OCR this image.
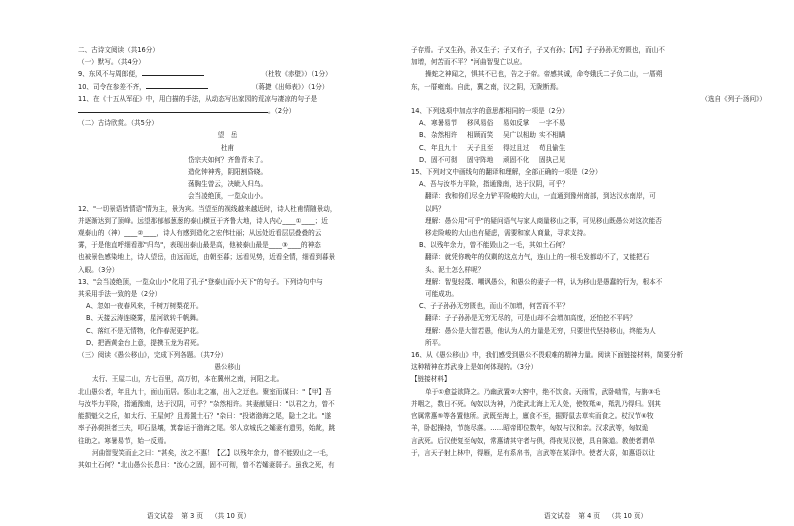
二、古诗文阅读（共16分）
（一）默写。（共4分）
9、东风不与周郎便，	（杜牧《赤壁》）（1分）
10、司令在参差不齐，	（蒋捷《出师表》）（1分）
11、在《十五从军征》中，用白描的手法，从动态写出家园的荒凉与凄凉的句子是
。（2分）
（二）古诗欣赏。（共5分）
望　岳
杜甫
岱宗夫如何？齐鲁青未了。
造化钟神秀，阴阳割昏晓。
荡胸生曾云，决眦入归鸟。
会当凌绝顶，一览众山小。
12、"一切景语皆情语"情为主，景为宾。当望至的视线越来越近时，诗人杜甫情随景动，
并逐渐达到了顶峰。远望那郁郁葱葱的泰山横亘于齐鲁大地，诗人内心____①____；近
观泰山的（神）____②____，诗人有感到造化之宏伟壮丽；从远处近看层层叠叠的云
雾，于是他直呼细看那"归鸟"，表现出泰山最是高，他被泰山最是____③____的神态
也被景色感染地上，诗人望岳，由远而近，由朝至暮；远看见势，近看全情，细看到暮景
入眼。（3分）
13、"会当凌绝顶，一览众山小"化用了孔子"登泰山而小天下"的句子。下列诗句中与
其采用手法一致的是（2分）
A、忽如一夜春风来，千树万树梨花开。
B、天接云涛连晓雾，星河欲转千帆舞。
C、落红不是无情物，化作春泥更护花。
D、把酒黄金台上意，提携玉龙为君死。
（三）阅读《愚公移山》，完成下列各题。（共7分）
愚公移山
太行、王屋二山，方七百里，高万仞，本在冀州之南，河阳之北。
北山愚公者，年且九十，面山而居。惩山北之塞，出入之迂也。聚室而谋曰："【甲】吾
与汝毕力平险，指通豫南，达于汉阴，可乎？"杂然相许。其妻献疑曰："以君之力，曾不
能损魁父之丘，如太行、王屋何？且焉置土石？"杂曰："投诸渤海之尾，隐土之北。"遂
率子孙荷担者三夫，叩石垦壤，箕畚运于渤海之尾。邻人京城氏之孀妻有遗男，始龀，跳
往助之。寒暑易节，始一反焉。
河曲智叟笑而止之曰："甚矣，汝之不惠！【乙】以残年余力，曾不能毁山之一毛，
其如土石何？"北山愚公长息曰："汝心之固，固不可彻，曾不若孀妻弱子。虽我之死，有
语文试卷 第 3 页 （共 10 页）
子存焉。子又生孙，孙又生子；子又有子，子又有孙；【丙】子子孙孙无穷匮也，而山不
加增，何苦而不平？"河曲智叟亡以应。
操蛇之神闻之，惧其不已也，告之于帝。帝感其诚，命夸娥氏二子负二山，一厝朔
东，一厝雍南。自此，冀之南，汉之阴，无陇断焉。
（选自《列子·汤问》）
14、下列选项中加点字的意思都相同的一项是（2分）
A、 寒暑易节	移风易俗	易如反掌	一字不易
B、 杂然相许	相顾而笑	吴广以相助 实不相瞒
C、 年且九十	天子且至	得过且过	苟且偷生
D、 固不可彻	固守阵地	顽固不化	固执己见
15、下列对文中画线句的翻译和理解，全部正确的一项是（2分）
A、吾与汝毕力平险，指通豫南，达于汉阴，可乎？
翻译：我和你们尽全力铲平险峻的大山，一直通到豫州南部，到达汉水南岸，可
以吗？
理解：愚公用"可乎"的疑问语气与家人商量移山之事，可见移山既愚公对这次能否
移走险峻的大山也有疑虑，需要和家人商量，寻求支持。
B、以残年余力，曾不能毁山之一毛，其如土石何？
翻译：就凭你晚年的仅剩的这点力气，连山上的一根毛发都动不了，又能把石
头、泥土怎么样呢？
理解：智叟轻蔑、嘲讽愚公，和愚公的妻子一样，认为移山是愚蠢的行为，根本不
可能成功。
C、子子孙孙无穷匮也，而山不加增，何苦而不平？
翻译：子子孙孙是无穷无尽的，可是山却不会增加高度，还怕挖不平吗？
理解：愚公是大智若愚，他认为人的力量是无穷，只要世代坚持移山，终能为人
所平。
16、从《愚公移山》中，我们感受到愚公不畏艰难的精神力量。阅读下面链接材料，简要分析
这种精神在苏武身上是如何体现的。（3分）
【链接材料】
单于①愈益欲降之。乃幽武置②大窖中，绝不饮食。天雨雪，武卧啮雪，与旃③毛
并咽之，数日不死。匈奴以为神，乃徙武北海上无人处，使牧羝④，羝乳乃得归。别其
官属常惠⑤等各置他所。武既至海上，廪食不至，掘野鼠去草实而食之。杖汉节⑥牧
羊，卧起操持，节旄尽落。……昭帝即位数年，匈奴与汉和亲。汉求武等，匈奴诡
言武死。后汉使复至匈奴，常惠请其守者与俱，得夜见汉使，具自陈道。教使者谓单
于，言天子射上林中，得雁，足有系帛书，言武等在某泽中。使者大喜，如惠语以让
语文试卷 第 4 页 （共 10 页）
